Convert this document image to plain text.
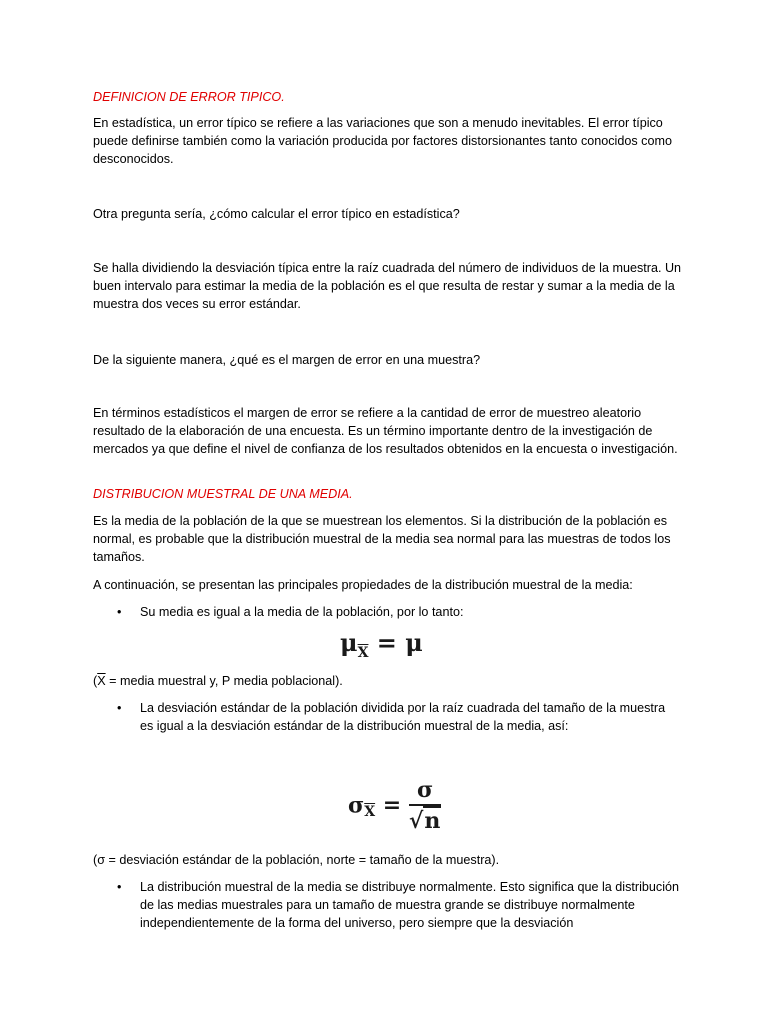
DEFINICION DE ERROR TIPICO.

En estadística, un error típico se refiere a las variaciones que son a menudo inevitables. El error típico puede definirse también como la variación producida por factores distorsionantes tanto conocidos como desconocidos.

Otra pregunta sería, ¿cómo calcular el error típico en estadística?

Se halla dividiendo la desviación típica entre la raíz cuadrada del número de individuos de la muestra. Un buen intervalo para estimar la media de la población es el que resulta de restar y sumar a la media de la muestra dos veces su error estándar.

De la siguiente manera, ¿qué es el margen de error en una muestra?

En términos estadísticos el margen de error se refiere a la cantidad de error de muestreo aleatorio resultado de la elaboración de una encuesta. Es un término importante dentro de la investigación de mercados ya que define el nivel de confianza de los resultados obtenidos en la encuesta o investigación.

DISTRIBUCION MUESTRAL DE UNA MEDIA.

Es la media de la población de la que se muestrean los elementos. Si la distribución de la población es normal, es probable que la distribución muestral de la media sea normal para las muestras de todos los tamaños.

A continuación, se presentan las principales propiedades de la distribución muestral de la media:

• Su media es igual a la media de la población, por lo tanto:
$\mu_{\overline{X}} = \mu$

($\overline{X}$ = media muestral y, P media poblacional).

• La desviación estándar de la población dividida por la raíz cuadrada del tamaño de la muestra es igual a la desviación estándar de la distribución muestral de la media, así:
$\sigma_{\overline{X}} = \frac{\sigma}{√n}$

(σ = desviación estándar de la población, norte = tamaño de la muestra).

• La distribución muestral de la media se distribuye normalmente. Esto significa que la distribución de las medias muestrales para un tamaño de muestra grande se distribuye normalmente independientemente de la forma del universo, pero siempre que la desviación
